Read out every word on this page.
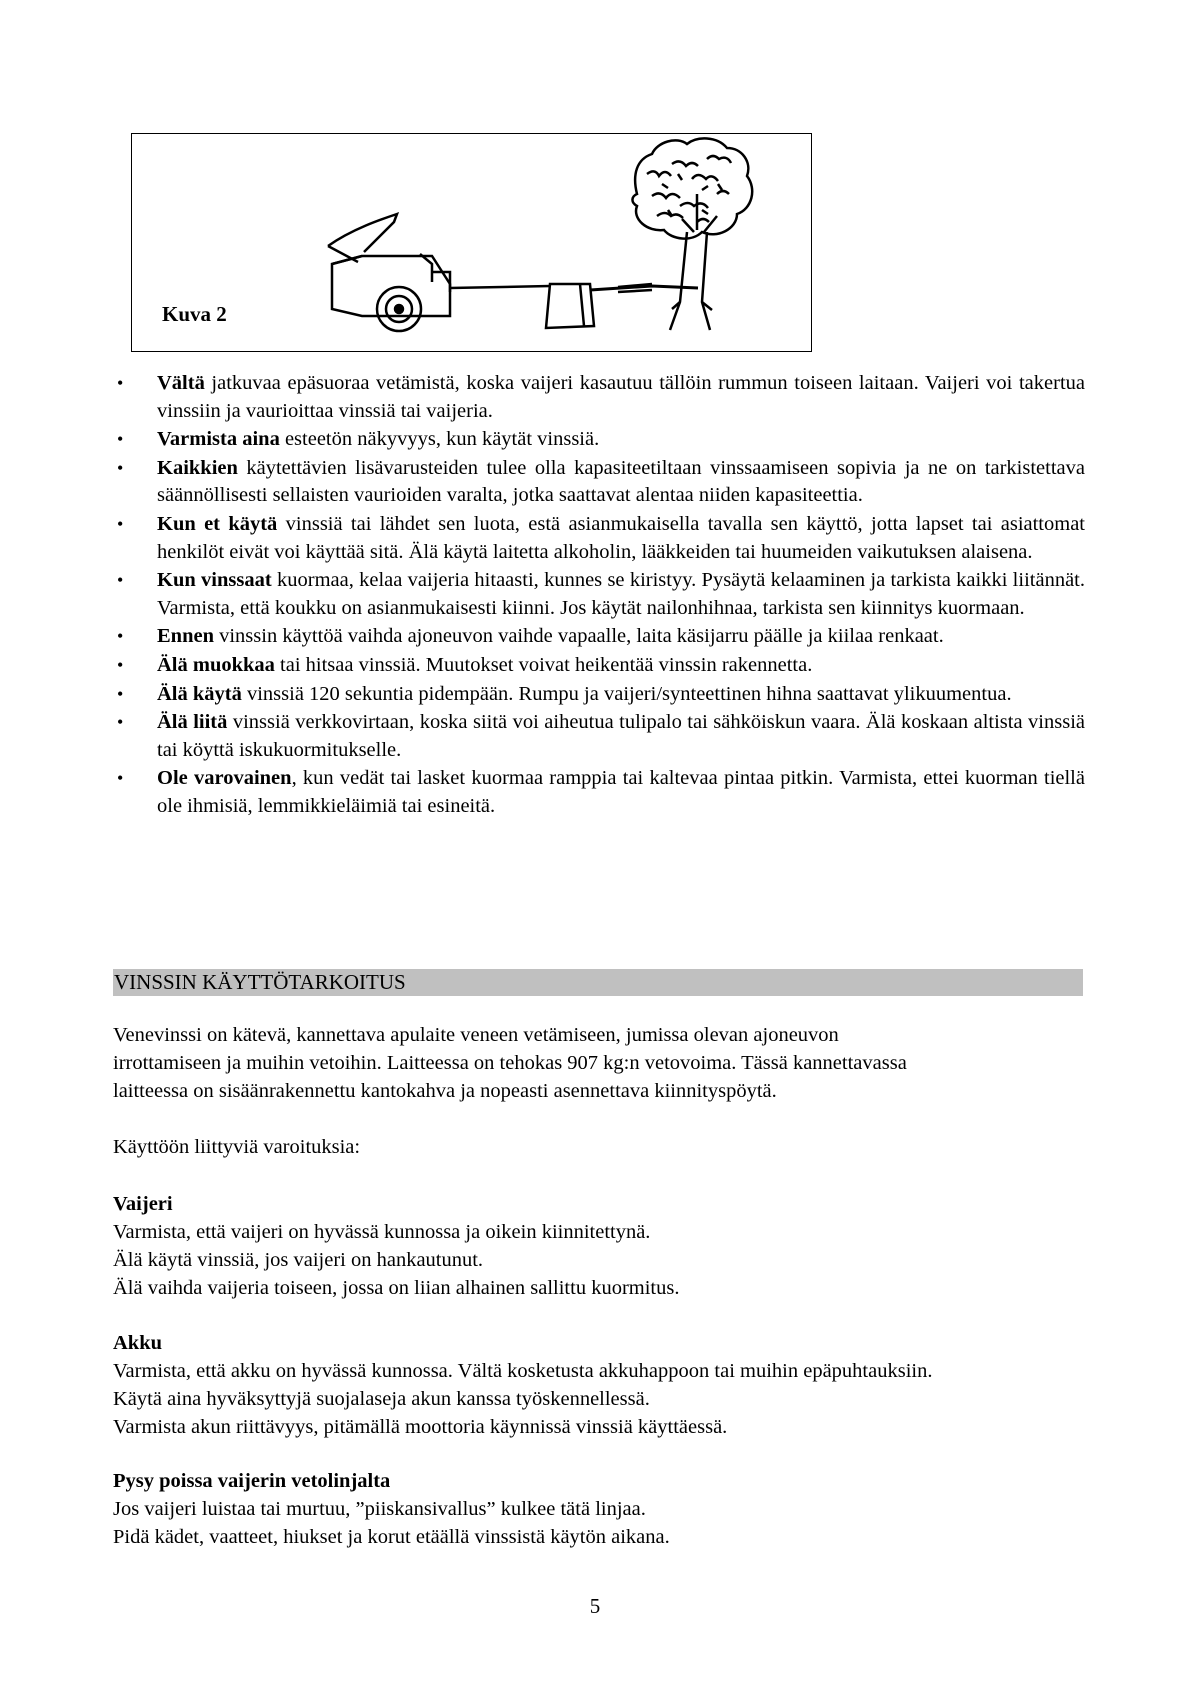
Kuva 2
• Vältä jatkuvaa epäsuoraa vetämistä, koska vaijeri kasautuu tällöin rummun toiseen laitaan. Vaijeri voi takertua vinssiin ja vaurioittaa vinssiä tai vaijeria.
• Varmista aina esteetön näkyvyys, kun käytät vinssiä.
• Kaikkien käytettävien lisävarusteiden tulee olla kapasiteetiltaan vinssaamiseen sopivia ja ne on tarkistettava säännöllisesti sellaisten vaurioiden varalta, jotka saattavat alentaa niiden kapasiteettia.
• Kun et käytä vinssiä tai lähdet sen luota, estä asianmukaisella tavalla sen käyttö, jotta lapset tai asiattomat henkilöt eivät voi käyttää sitä. Älä käytä laitetta alkoholin, lääkkeiden tai huumeiden vaikutuksen alaisena.
• Kun vinssaat kuormaa, kelaa vaijeria hitaasti, kunnes se kiristyy. Pysäytä kelaaminen ja tarkista kaikki liitännät. Varmista, että koukku on asianmukaisesti kiinni. Jos käytät nailonhihnaa, tarkista sen kiinnitys kuormaan.
• Ennen vinssin käyttöä vaihda ajoneuvon vaihde vapaalle, laita käsijarru päälle ja kiilaa renkaat.
• Älä muokkaa tai hitsaa vinssiä. Muutokset voivat heikentää vinssin rakennetta.
• Älä käytä vinssiä 120 sekuntia pidempään. Rumpu ja vaijeri/synteettinen hihna saattavat ylikuumentua.
• Älä liitä vinssiä verkkovirtaan, koska siitä voi aiheutua tulipalo tai sähköiskun vaara. Älä koskaan altista vinssiä tai köyttä iskukuormitukselle.
• Ole varovainen, kun vedät tai lasket kuormaa ramppia tai kaltevaa pintaa pitkin. Varmista, ettei kuorman tiellä ole ihmisiä, lemmikkieläimiä tai esineitä.
VINSSIN KÄYTTÖTARKOITUS
Venevinssi on kätevä, kannettava apulaite veneen vetämiseen, jumissa olevan ajoneuvon
irrottamiseen ja muihin vetoihin. Laitteessa on tehokas 907 kg:n vetovoima. Tässä kannettavassa
laitteessa on sisäänrakennettu kantokahva ja nopeasti asennettava kiinnityspöytä.
Käyttöön liittyviä varoituksia:
Vaijeri
Varmista, että vaijeri on hyvässä kunnossa ja oikein kiinnitettynä.
Älä käytä vinssiä, jos vaijeri on hankautunut.
Älä vaihda vaijeria toiseen, jossa on liian alhainen sallittu kuormitus.
Akku
Varmista, että akku on hyvässä kunnossa. Vältä kosketusta akkuhappoon tai muihin epäpuhtauksiin.
Käytä aina hyväksyttyjä suojalaseja akun kanssa työskennellessä.
Varmista akun riittävyys, pitämällä moottoria käynnissä vinssiä käyttäessä.
Pysy poissa vaijerin vetolinjalta
Jos vaijeri luistaa tai murtuu, ”piiskansivallus” kulkee tätä linjaa.
Pidä kädet, vaatteet, hiukset ja korut etäällä vinssistä käytön aikana.
5
